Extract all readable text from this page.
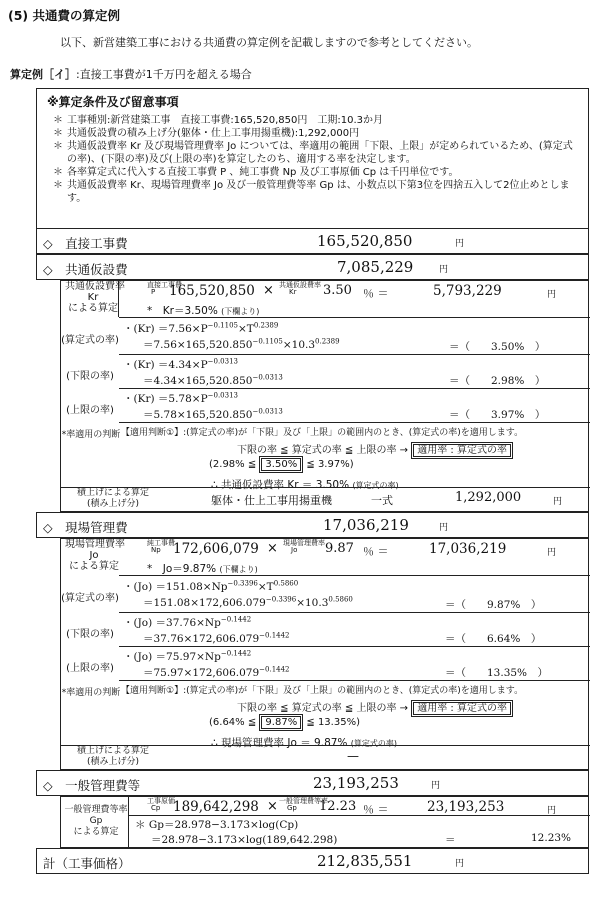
(5) 共通費の算定例
以下、新営建築工事における共通費の算定例を記載しますので参考としてください。
算定例［イ］:直接工事費が1千万円を超える場合
※算定条件及び留意事項
＊ 工事種別:新営建築工事　直接工事費:165,520,850円　工期:10.3か月
＊ 共通仮設費の積み上げ分(躯体・仕上工事用揚重機):1,292,000円
＊ 共通仮設費率 Kr 及び現場管理費率 Jo については、率適用の範囲「下限、上限」が定められているため、(算定式の率)、(下限の率)及び(上限の率)を算定したのち、適用する率を決定します。
＊ 各率算定式に代入する直接工事費 P 、純工事費 Np 及び工事原価 Cp は千円単位です。
＊ 共通仮設費率 Kr、現場管理費率 Jo 及び一般管理費等率 Gp は、小数点以下第3位を四捨五入して2位止めとします。
◇　直接工事費	165,520,850	円
◇　共通仮設費	7,085,229	円
共通仮設費率
Kr
による算定
直接工事費
P 165,520,850 × 共通仮設費率
Kr 3.50 ％ ＝	5,793,229	円
*　Kr＝3.50% (下欄より)
(算定式の率)
・$(Kr) =7.56\times P^{-0.1105}\times T^{0.2389}$
$=7.56\times 165,520.850^{-0.1105}\times 10.3^{0.2389}$	＝（　　3.50%　）
(下限の率)
・$(Kr) =4.34\times P^{-0.0313}$
$=4.34\times 165,520.850^{-0.0313}$	＝（　　2.98%　）
(上限の率)
・$(Kr) =5.78\times P^{-0.0313}$
$=5.78\times 165,520.850^{-0.0313}$	＝（　　3.97%　）
*率適用の判断 【適用判断①】:(算定式の率)が「下限」及び「上限」の範囲内のとき、(算定式の率)を適用します。
下限の率 ≦ 算定式の率 ≦ 上限の率 → 適用率 : 算定式の率
(2.98% ≦ 3.50% ≦ 3.97%)
∴ 共通仮設費率 Kr ＝ 3.50% (算定式の率)
積上げによる算定
(積み上げ分)	躯体・仕上工事用揚重機	一式	1,292,000	円
◇　現場管理費	17,036,219	円
現場管理費率
Jo
による算定
純工事費
Np 172,606,079 × 現場管理費率
Jo 9.87 ％ ＝	17,036,219	円
*　Jo＝9.87% (下欄より)
(算定式の率)
・$(Jo) =151.08\times Np^{-0.3396}\times T^{0.5860}$
$=151.08\times 172,606.079^{-0.3396}\times 10.3^{0.5860}$	＝（　　9.87%　）
(下限の率)
・$(Jo) =37.76\times Np^{-0.1442}$
$=37.76\times 172,606.079^{-0.1442}$	＝（　　6.64%　）
(上限の率)
・$(Jo) =75.97\times Np^{-0.1442}$
$=75.97\times 172,606.079^{-0.1442}$	＝（　　13.35%　）
*率適用の判断 【適用判断①】:(算定式の率)が「下限」及び「上限」の範囲内のとき、(算定式の率)を適用します。
下限の率 ≦ 算定式の率 ≦ 上限の率 → 適用率 : 算定式の率
(6.64% ≦ 9.87% ≦ 13.35%)
∴ 現場管理費率 Jo ＝ 9.87% (算定式の率)
積上げによる算定
(積み上げ分)	—
◇　一般管理費等	23,193,253	円
一般管理費等率
Gp
による算定
工事原価
Cp 189,642,298 × 一般管理費等率
Gp 12.23 ％ ＝	23,193,253	円
＊ Gp＝28.978−3.173×log(Cp)
＝28.978−3.173×log(189,642.298)	＝	12.23%
計（工事価格）	212,835,551	円
